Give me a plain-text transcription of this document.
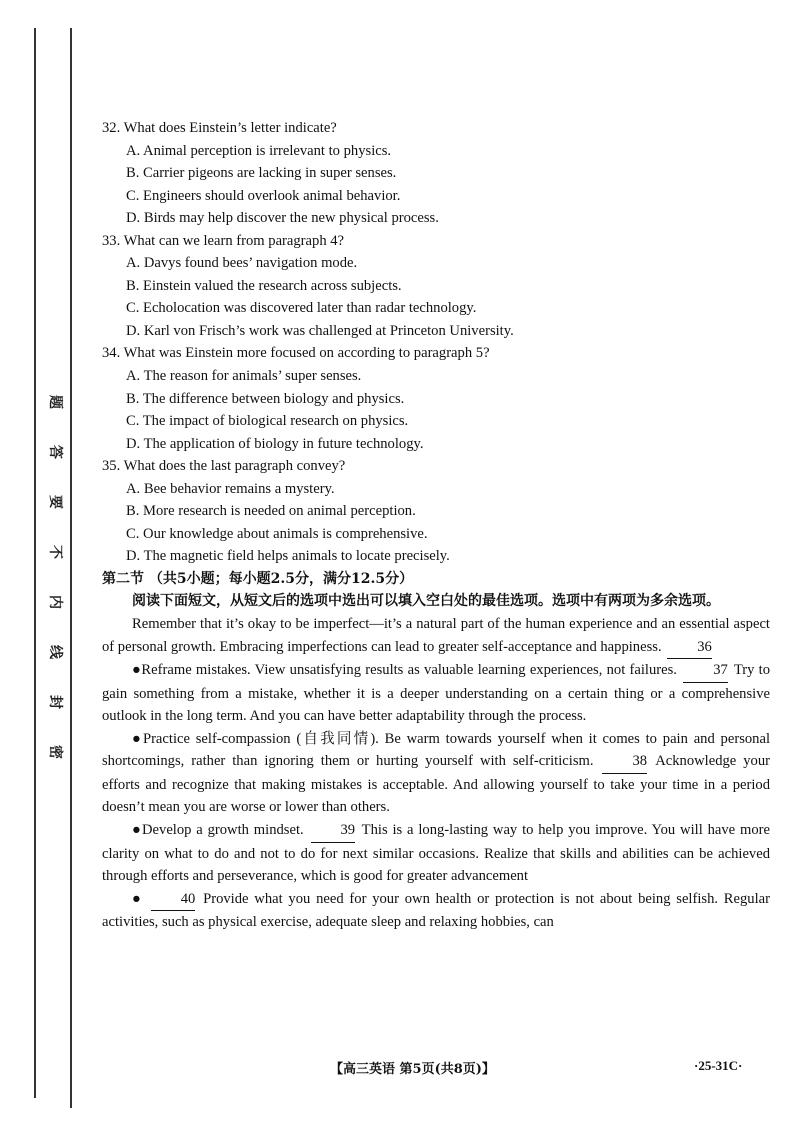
题
答
要
不
内
线
封
密

32. What does Einstein’s letter indicate?

A. Animal perception is irrelevant to physics.

B. Carrier pigeons are lacking in super senses.

C. Engineers should overlook animal behavior.

D. Birds may help discover the new physical process.

33. What can we learn from paragraph 4?

A. Davys found bees’ navigation mode.

B. Einstein valued the research across subjects.

C. Echolocation was discovered later than radar technology.

D. Karl von Frisch’s work was challenged at Princeton University.

34. What was Einstein more focused on according to paragraph 5?

A. The reason for animals’ super senses.

B. The difference between biology and physics.

C. The impact of biological research on physics.

D. The application of biology in future technology.

35. What does the last paragraph convey?

A. Bee behavior remains a mystery.

B. More research is needed on animal perception.

C. Our knowledge about animals is comprehensive.

D. The magnetic field helps animals to locate precisely.

第二节 （共5小题；每小题2.5分，满分12.5分）

阅读下面短文，从短文后的选项中选出可以填入空白处的最佳选项。选项中有两项为多余选项。

Remember that it’s okay to be imperfect—it’s a natural part of the human experience and an essential aspect of personal growth. Embracing imperfections can lead to greater self-acceptance and happiness. 36

●Reframe mistakes. View unsatisfying results as valuable learning experiences, not failures. 37 Try to gain something from a mistake, whether it is a deeper understanding on a certain thing or a comprehensive outlook in the long term. And you can have better adaptability through the process.

●Practice self-compassion (自我同情). Be warm towards yourself when it comes to pain and personal shortcomings, rather than ignoring them or hurting yourself with self-criticism.	38 Acknowledge your efforts and recognize that making mistakes is acceptable. And allowing yourself to take your time in a period doesn’t mean you are worse or lower than others.

●Develop a growth mindset.	39 This is a long-lasting way to help you improve. You will have more clarity on what to do and not to do for next similar occasions. Realize that skills and abilities can be achieved through efforts and perseverance, which is good for greater advancement

●	40 Provide what you need for your own health or protection is not about being selfish. Regular activities, such as physical exercise, adequate sleep and relaxing hobbies, can

【高三英语 第5页(共8页)】	·25-31C·
